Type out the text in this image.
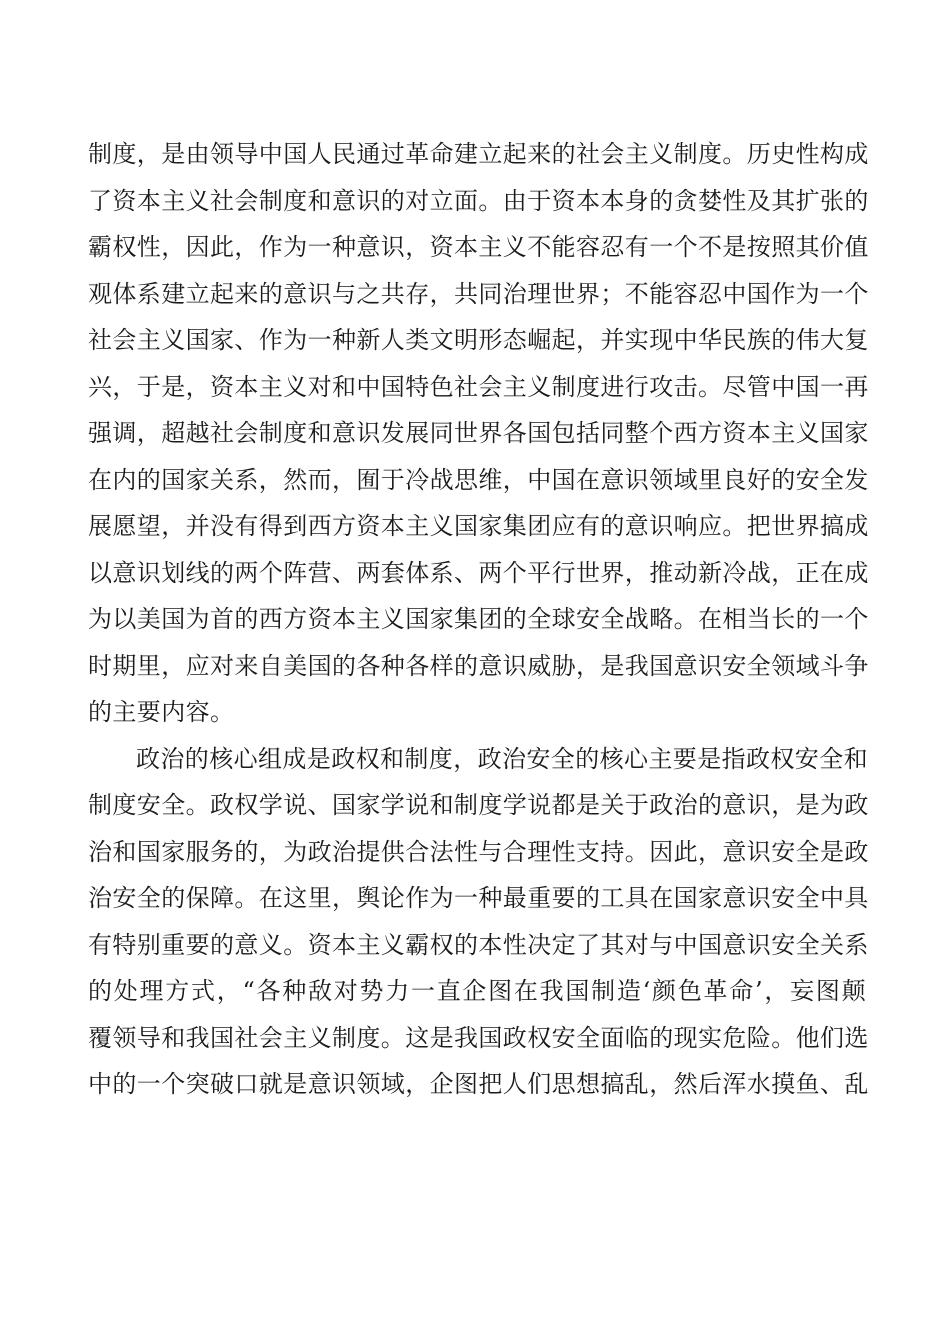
制度，是由领导中国人民通过革命建立起来的社会主义制度。历史性构成
了资本主义社会制度和意识的对立面。由于资本本身的贪婪性及其扩张的
霸权性，因此，作为一种意识，资本主义不能容忍有一个不是按照其价值
观体系建立起来的意识与之共存，共同治理世界；不能容忍中国作为一个
社会主义国家、作为一种新人类文明形态崛起，并实现中华民族的伟大复
兴，于是，资本主义对和中国特色社会主义制度进行攻击。尽管中国一再
强调，超越社会制度和意识发展同世界各国包括同整个西方资本主义国家
在内的国家关系，然而，囿于冷战思维，中国在意识领域里良好的安全发
展愿望，并没有得到西方资本主义国家集团应有的意识响应。把世界搞成
以意识划线的两个阵营、两套体系、两个平行世界，推动新冷战，正在成
为以美国为首的西方资本主义国家集团的全球安全战略。在相当长的一个
时期里，应对来自美国的各种各样的意识威胁，是我国意识安全领域斗争
的主要内容。
政治的核心组成是政权和制度，政治安全的核心主要是指政权安全和
制度安全。政权学说、国家学说和制度学说都是关于政治的意识，是为政
治和国家服务的，为政治提供合法性与合理性支持。因此，意识安全是政
治安全的保障。在这里，舆论作为一种最重要的工具在国家意识安全中具
有特别重要的意义。资本主义霸权的本性决定了其对与中国意识安全关系
的处理方式，“各种敌对势力一直企图在我国制造‘颜色革命’，妄图颠
覆领导和我国社会主义制度。这是我国政权安全面临的现实危险。他们选
中的一个突破口就是意识领域，企图把人们思想搞乱，然后浑水摸鱼、乱
